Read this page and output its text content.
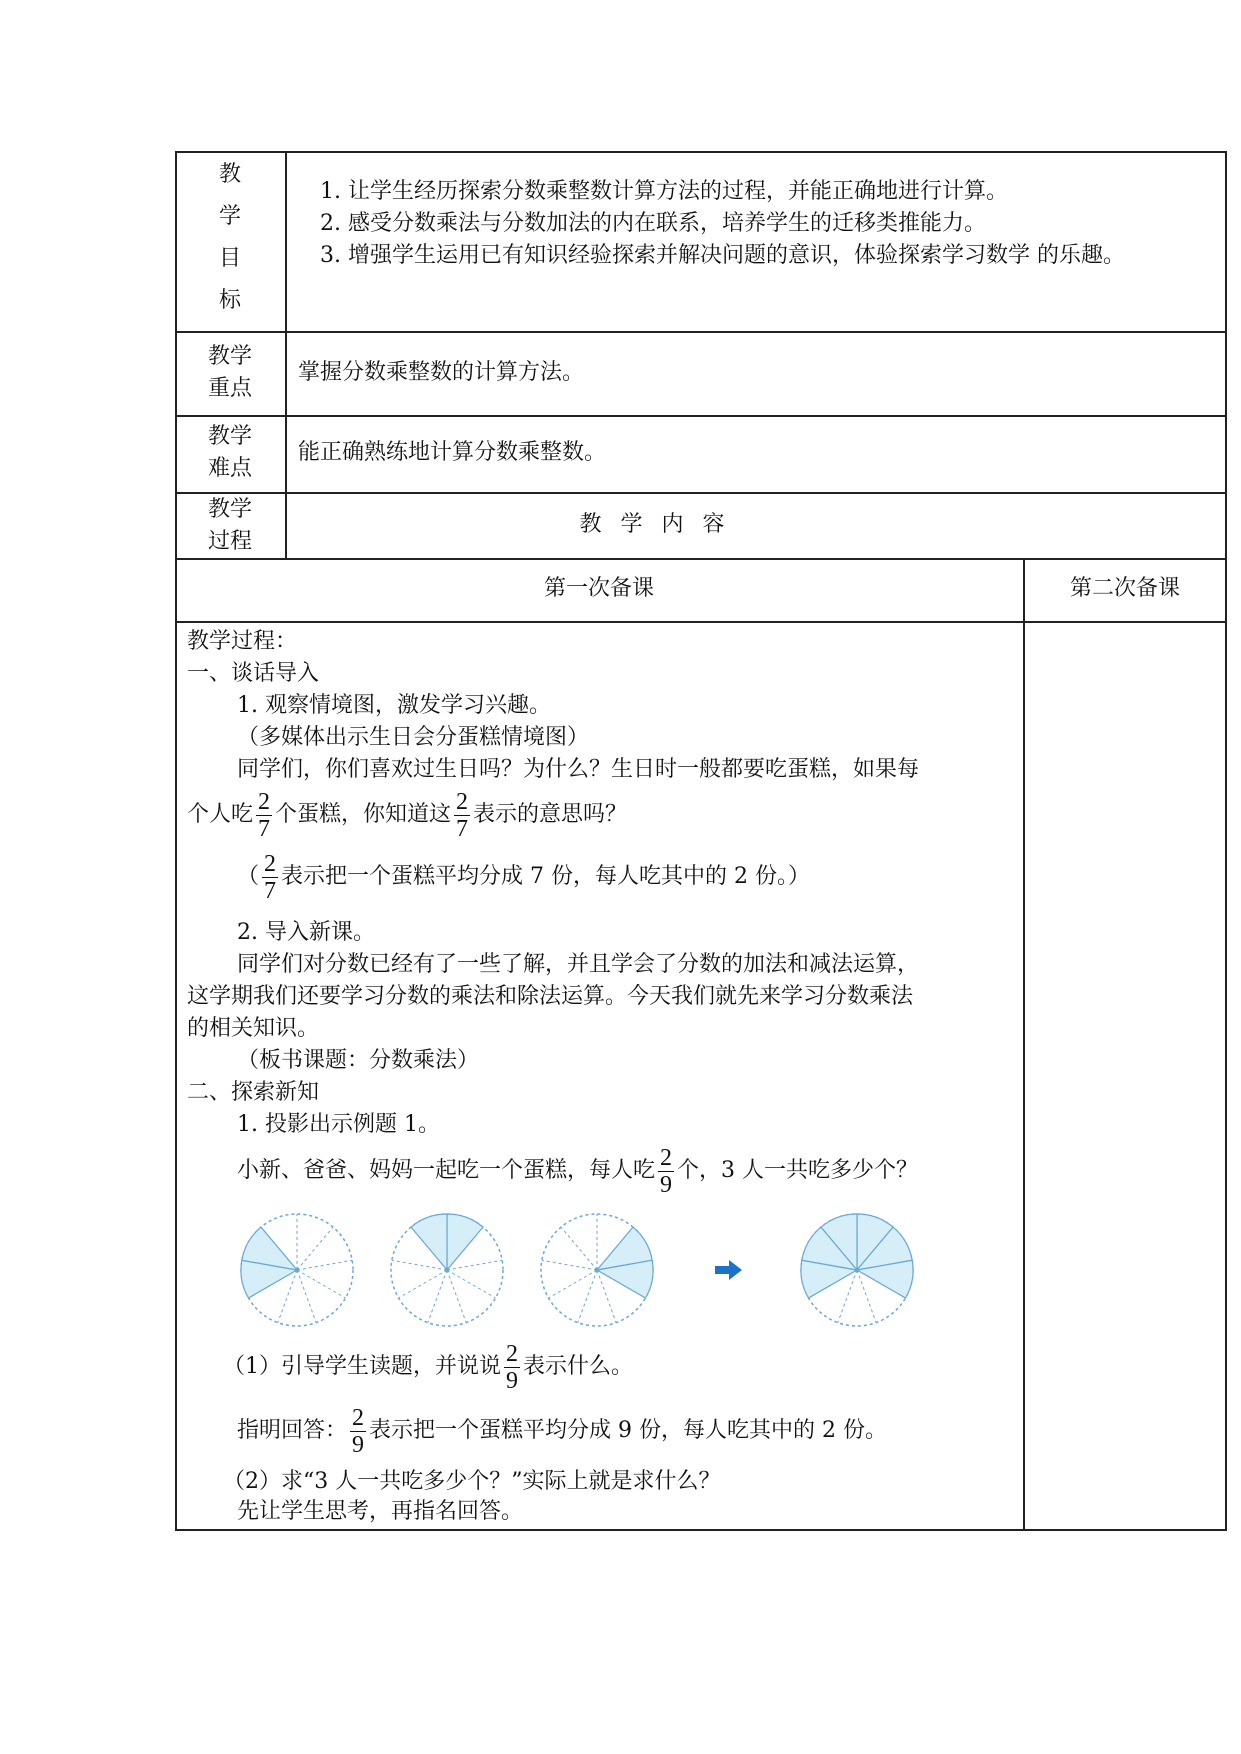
教
学
目
标

1. 让学生经历探索分数乘整数计算方法的过程，并能正确地进行计算。

2. 感受分数乘法与分数加法的内在联系，培养学生的迁移类推能力。

3. 增强学生运用已有知识经验探索并解决问题的意识，体验探索学习数学 的乐趣。

教学
重点
掌握分数乘整数的计算方法。
教学
难点
能正确熟练地计算分数乘整数。
教学
过程
教 学 内 容
第一次备课	第二次备课
教学过程：
一、谈话导入
1. 观察情境图，激发学习兴趣。
（多媒体出示生日会分蛋糕情境图）
同学们，你们喜欢过生日吗？为什么？生日时一般都要吃蛋糕，如果每
个人吃 $\frac{2}{7}$ 个蛋糕，你知道这 $\frac{2}{7}$ 表示的意思吗？
（ $\frac{2}{7}$ 表示把一个蛋糕平均分成 7 份，每人吃其中的 2 份。）
2. 导入新课。
同学们对分数已经有了一些了解，并且学会了分数的加法和减法运算，
这学期我们还要学习分数的乘法和除法运算。今天我们就先来学习分数乘法
的相关知识。
（板书课题：分数乘法）
二、探索新知
1. 投影出示例题 1。
小新、爸爸、妈妈一起吃一个蛋糕，每人吃 $\frac{2}{9}$ 个，3 人一共吃多少个？
（1）引导学生读题，并说说 $\frac{2}{9}$ 表示什么。
指明回答： $\frac{2}{9}$ 表示把一个蛋糕平均分成 9 份，每人吃其中的 2 份。
（2）求“3 人一共吃多少个？”实际上就是求什么？
先让学生思考，再指名回答。
